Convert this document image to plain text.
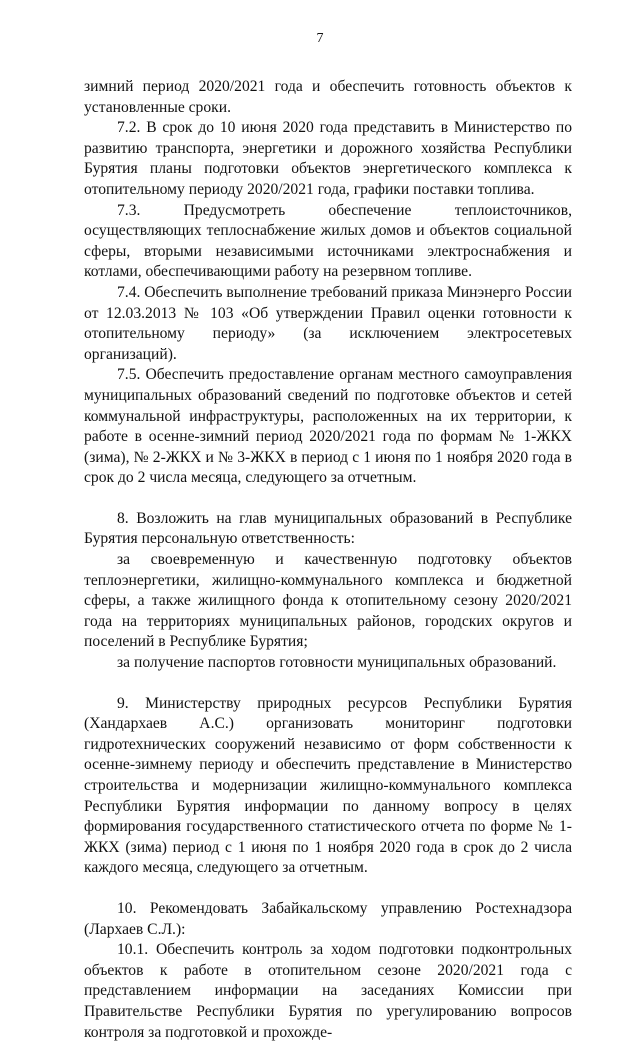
7

зимний период 2020/2021 года и обеспечить готовность объектов к установленные сроки.

7.2. В срок до 10 июня 2020 года представить в Министерство по развитию транспорта, энергетики и дорожного хозяйства Республики Бурятия планы подготовки объектов энергетического комплекса к отопительному периоду 2020/2021 года, графики поставки топлива.

7.3. Предусмотреть обеспечение теплоисточников, осуществляющих теплоснабжение жилых домов и объектов социальной сферы, вторыми независимыми источниками электроснабжения и котлами, обеспечивающими работу на резервном топливе.

7.4. Обеспечить выполнение требований приказа Минэнерго России от 12.03.2013 № 103 «Об утверждении Правил оценки готовности к отопительному периоду» (за исключением электросетевых организаций).

7.5. Обеспечить предоставление органам местного самоуправления муниципальных образований сведений по подготовке объектов и сетей коммунальной инфраструктуры, расположенных на их территории, к работе в осенне-зимний период 2020/2021 года по формам № 1-ЖКХ (зима), № 2-ЖКХ и № 3-ЖКХ в период с 1 июня по 1 ноября 2020 года в срок до 2 числа месяца, следующего за отчетным.

8. Возложить на глав муниципальных образований в Республике Бурятия персональную ответственность:

за своевременную и качественную подготовку объектов теплоэнергетики, жилищно-коммунального комплекса и бюджетной сферы, а также жилищного фонда к отопительному сезону 2020/2021 года на территориях муниципальных районов, городских округов и поселений в Республике Бурятия;

за получение паспортов готовности муниципальных образований.

9. Министерству природных ресурсов Республики Бурятия (Хандархаев А.С.) организовать мониторинг подготовки гидротехнических сооружений независимо от форм собственности к осенне-зимнему периоду и обеспечить представление в Министерство строительства и модернизации жилищно-коммунального комплекса Республики Бурятия информации по данному вопросу в целях формирования государственного статистического отчета по форме № 1-ЖКХ (зима) период с 1 июня по 1 ноября 2020 года в срок до 2 числа каждого месяца, следующего за отчетным.

10. Рекомендовать Забайкальскому управлению Ростехнадзора (Лархаев С.Л.):

10.1. Обеспечить контроль за ходом подготовки подконтрольных объектов к работе в отопительном сезоне 2020/2021 года с представлением информации на заседаниях Комиссии при Правительстве Республики Бурятия по урегулированию вопросов контроля за подготовкой и прохожде-
